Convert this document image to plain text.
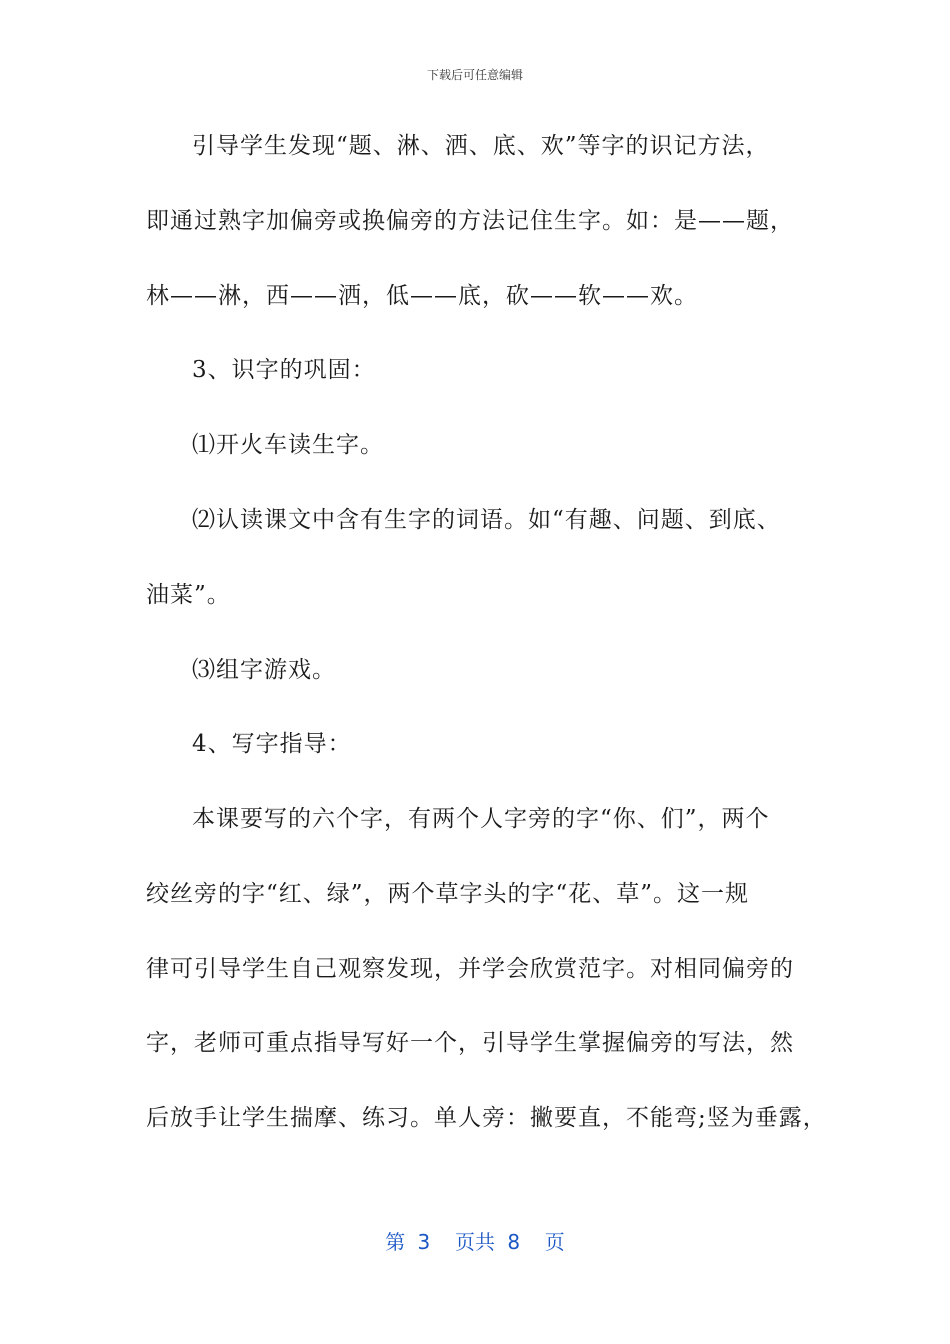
下载后可任意编辑
引导学生发现“题、淋、洒、底、欢”等字的识记方法，
即通过熟字加偏旁或换偏旁的方法记住生字。如：是——题，
林——淋，西——洒，低——底，砍——软——欢。
3、识字的巩固：
⑴开火车读生字。
⑵认读课文中含有生字的词语。如“有趣、问题、到底、
油菜”。
⑶组字游戏。
4、写字指导：
本课要写的六个字，有两个人字旁的字“你、们”，两个
绞丝旁的字“红、绿”，两个草字头的字“花、草”。这一规
律可引导学生自己观察发现，并学会欣赏范字。对相同偏旁的
字，老师可重点指导写好一个，引导学生掌握偏旁的写法，然
后放手让学生揣摩、练习。单人旁：撇要直，不能弯;竖为垂露，
第 3  页共 8  页
